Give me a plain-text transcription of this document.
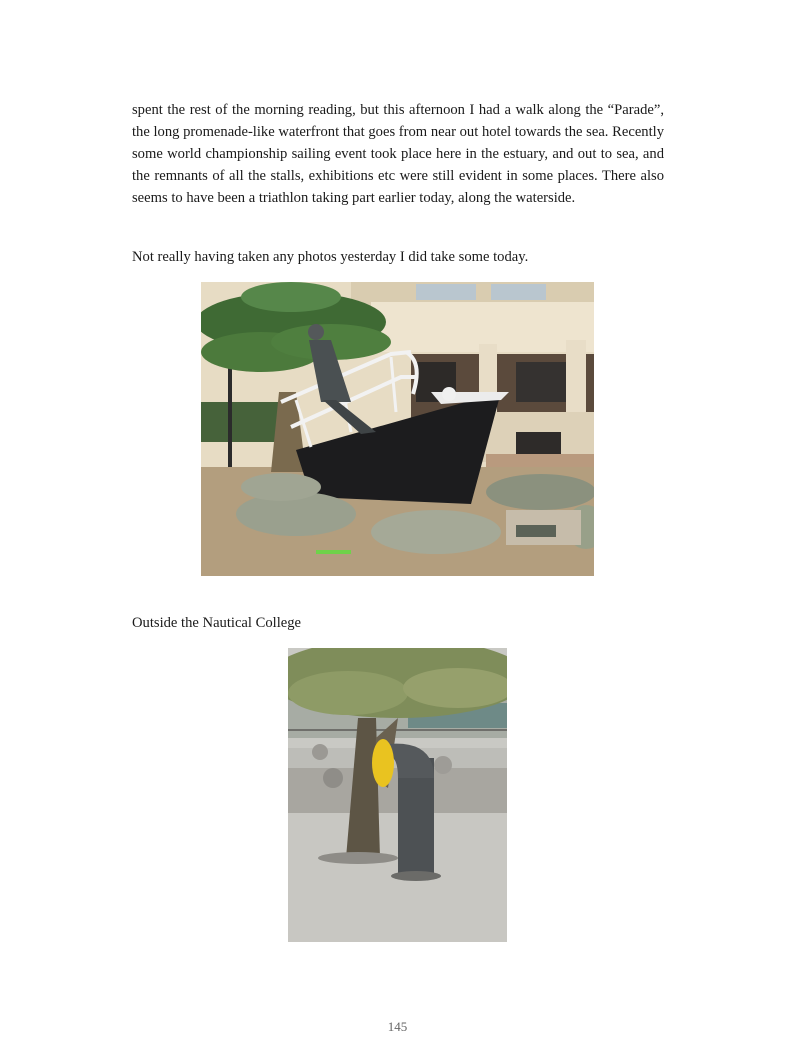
spent the rest of the morning reading, but this afternoon I had a walk along the “Parade”, the long promenade-like waterfront that goes from near out hotel towards the sea. Recently some world championship sailing event took place here in the estuary, and out to sea, and the remnants of all the stalls, exhibitions etc were still evident in some places. There also seems to have been a triathlon taking part earlier today, along the waterside.

Not really having taken any photos yesterday I did take some today.

Outside the Nautical College

145
